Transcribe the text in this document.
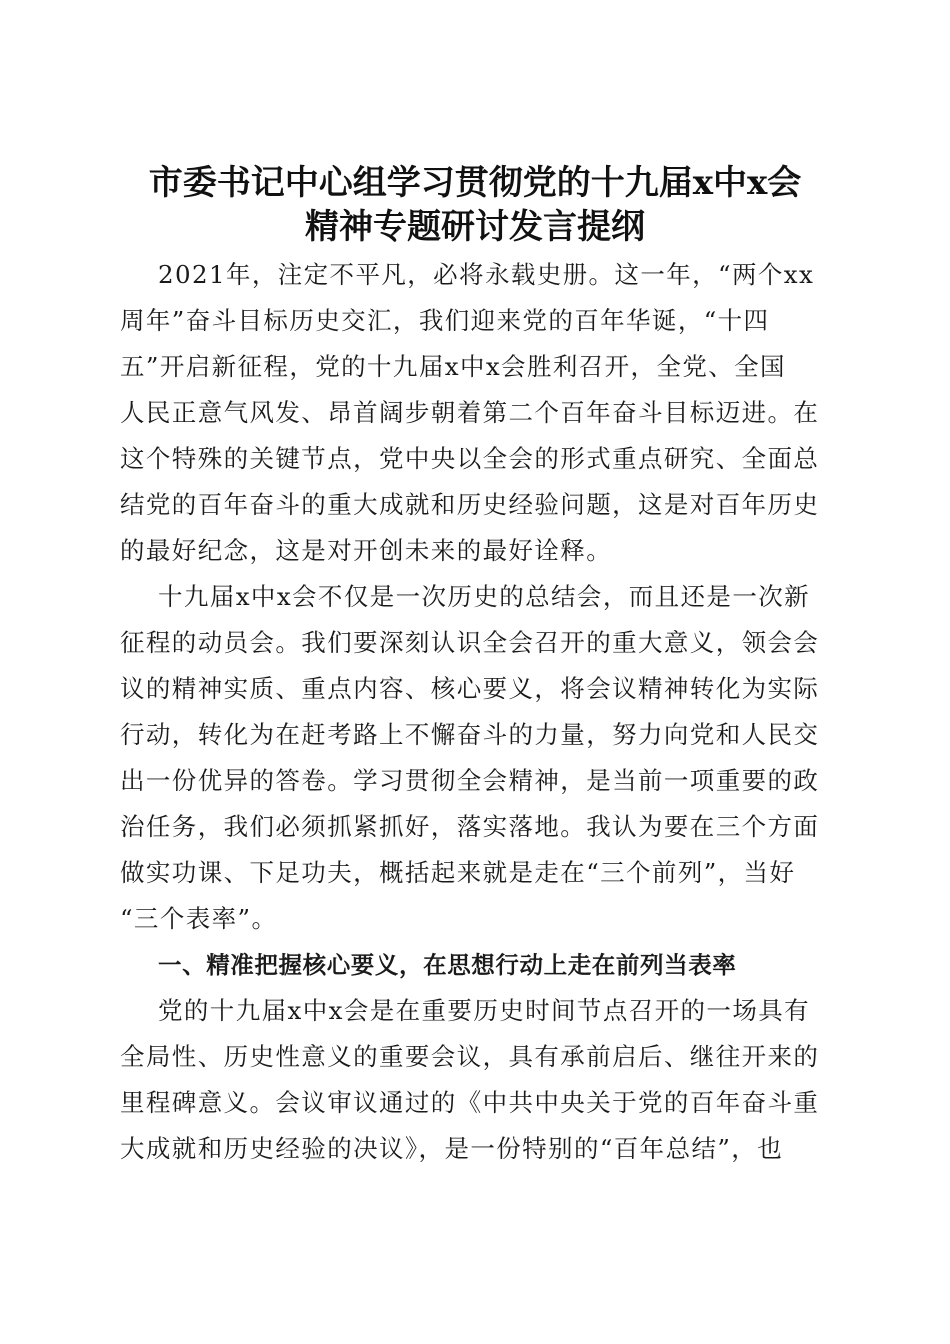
市委书记中心组学习贯彻党的十九届x中x会
精神专题研讨发言提纲

2021年，注定不平凡，必将永载史册。这一年，“两个xx
周年”奋斗目标历史交汇，我们迎来党的百年华诞，“十四
五”开启新征程，党的十九届x中x会胜利召开，全党、全国
人民正意气风发、昂首阔步朝着第二个百年奋斗目标迈进。在
这个特殊的关键节点，党中央以全会的形式重点研究、全面总
结党的百年奋斗的重大成就和历史经验问题，这是对百年历史
的最好纪念，这是对开创未来的最好诠释。

十九届x中x会不仅是一次历史的总结会，而且还是一次新
征程的动员会。我们要深刻认识全会召开的重大意义，领会会
议的精神实质、重点内容、核心要义，将会议精神转化为实际
行动，转化为在赶考路上不懈奋斗的力量，努力向党和人民交
出一份优异的答卷。学习贯彻全会精神，是当前一项重要的政
治任务，我们必须抓紧抓好，落实落地。我认为要在三个方面
做实功课、下足功夫，概括起来就是走在“三个前列”，当好
“三个表率”。

一、精准把握核心要义，在思想行动上走在前列当表率

党的十九届x中x会是在重要历史时间节点召开的一场具有
全局性、历史性意义的重要会议，具有承前启后、继往开来的
里程碑意义。会议审议通过的《中共中央关于党的百年奋斗重
大成就和历史经验的决议》，是一份特别的“百年总结”，也
